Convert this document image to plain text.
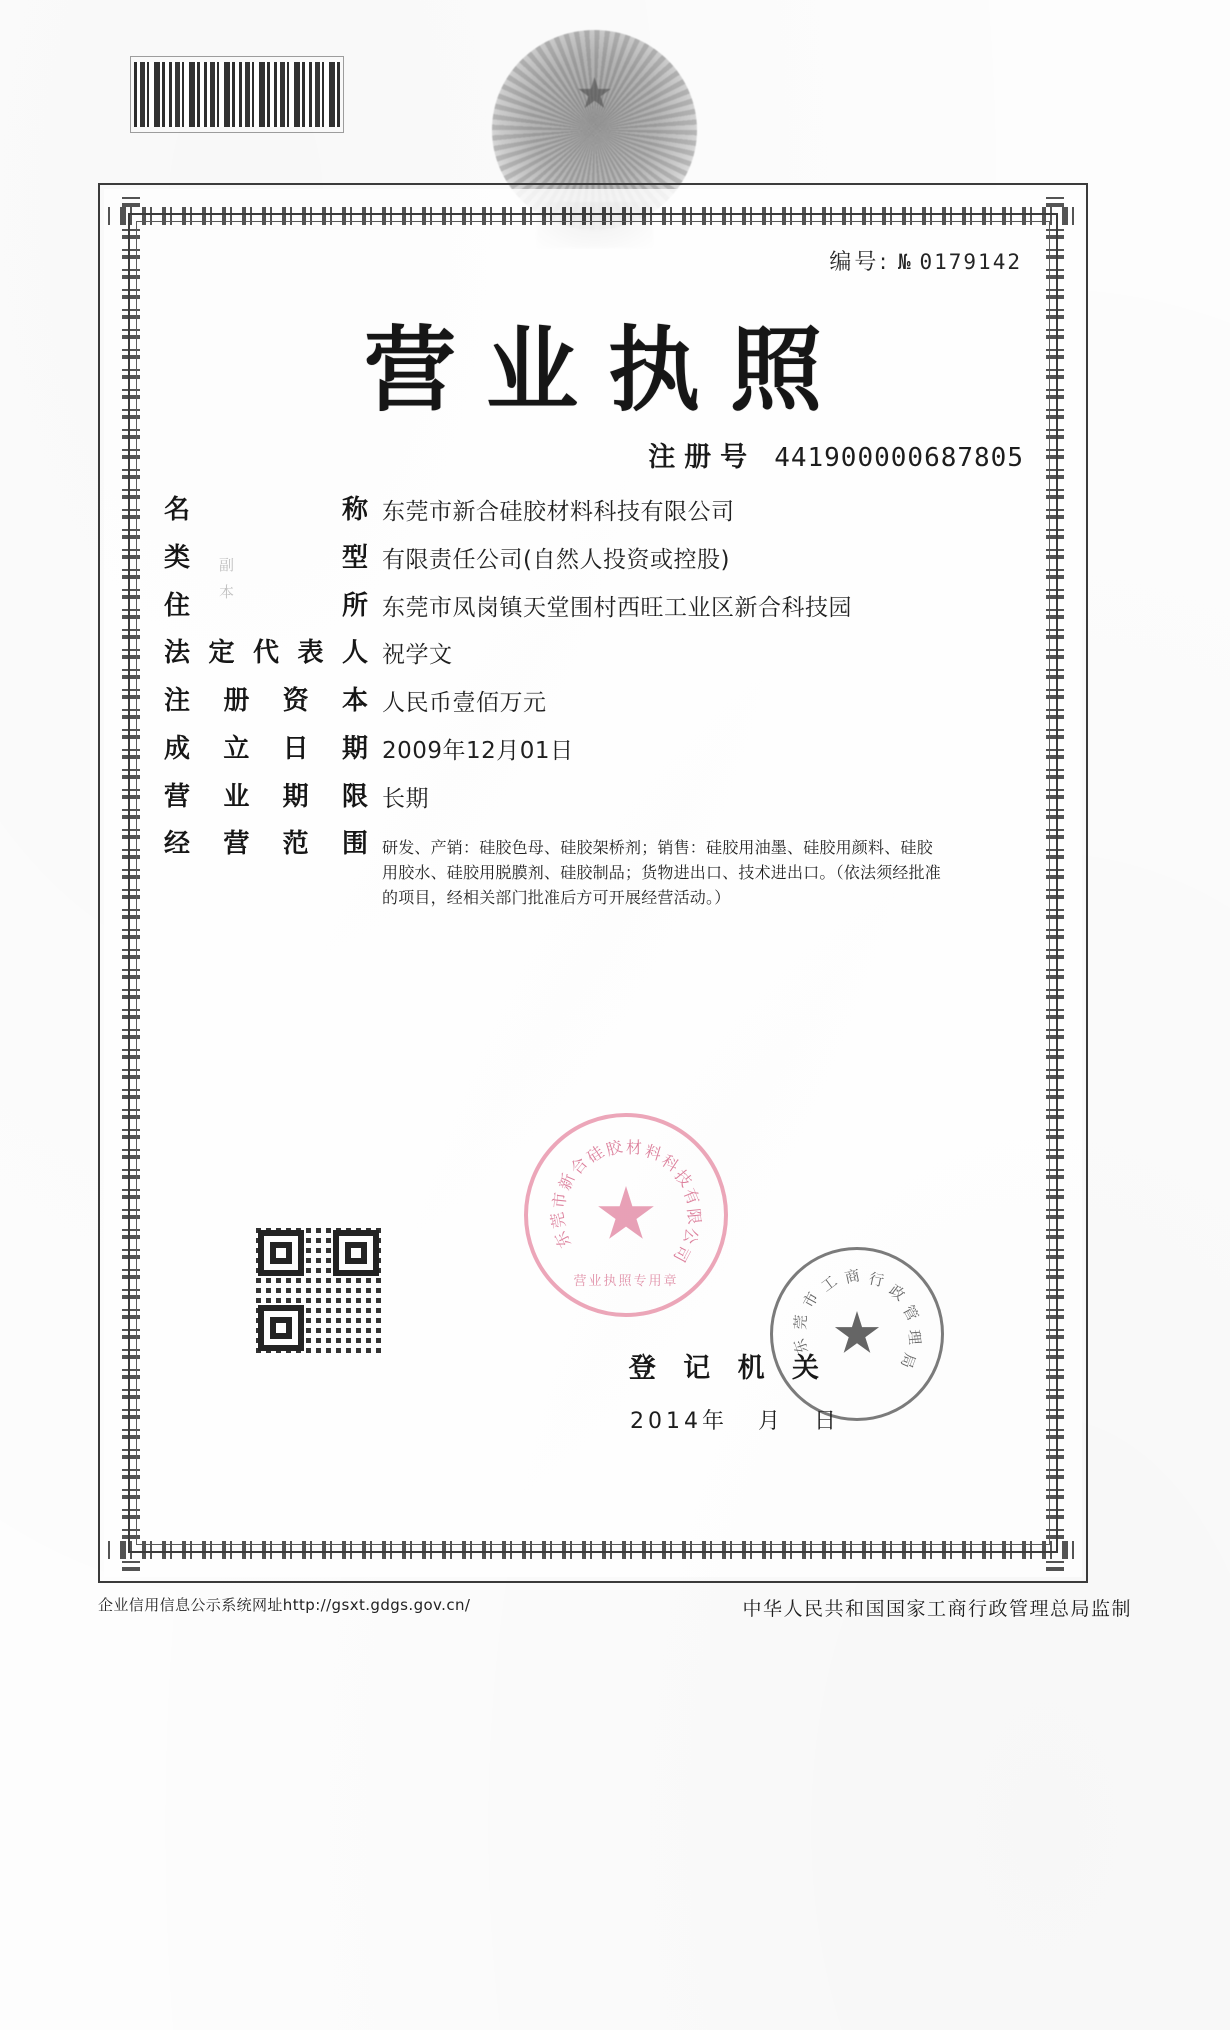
编号: № 0179142
营业执照
副本
注册号 441900000687805
名	称 东莞市新合硅胶材料科技有限公司
类	型 有限责任公司(自然人投资或控股)
住	所 东莞市凤岗镇天堂围村西旺工业区新合科技园
法 定 代 表 人 祝学文
注 册 资 本 人民币壹佰万元
成 立 日 期 2009年12月01日
营 业 期 限 长期
经 营 范 围 研发、产销：硅胶色母、硅胶架桥剂；销售：硅胶用油墨、硅胶用颜料、硅胶用胶水、硅胶用脱膜剂、硅胶制品；货物进出口、技术进出口。（依法须经批准的项目，经相关部门批准后方可开展经营活动。）
营业执照专用章
东
莞
市
新
合
硅
胶 材 料
科
技
有
限
公
司
登 记 机 关
2014年 月 日
东
莞
市
工 商 行
政
管
理
局
企业信用信息公示系统网址http://gsxt.gdgs.gov.cn/	中华人民共和国国家工商行政管理总局监制
